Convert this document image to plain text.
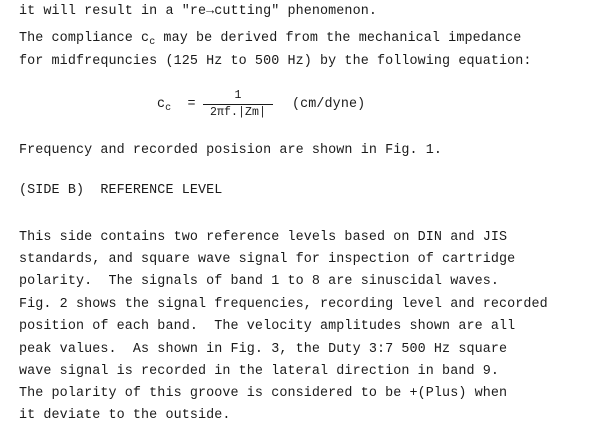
it will result in a "re→cutting" phenomenon.
The compliance $c_c$ may be derived from the mechanical impedance
for midfrequncies (125 Hz to 500 Hz) by the following equation:
$c_c$ =
1
2πf.|Zm|
(cm/dyne)
Frequency and recorded posision are shown in Fig. 1.
(SIDE B)  REFERENCE LEVEL
This side contains two reference levels based on DIN and JIS
standards, and square wave signal for inspection of cartridge
polarity.  The signals of band 1 to 8 are sinuscidal waves.
Fig. 2 shows the signal frequencies, recording level and recorded
position of each band.  The velocity amplitudes shown are all
peak values.  As shown in Fig. 3, the Duty 3:7 500 Hz square
wave signal is recorded in the lateral direction in band 9.
The polarity of this groove is considered to be +(Plus) when
it deviate to the outside.
